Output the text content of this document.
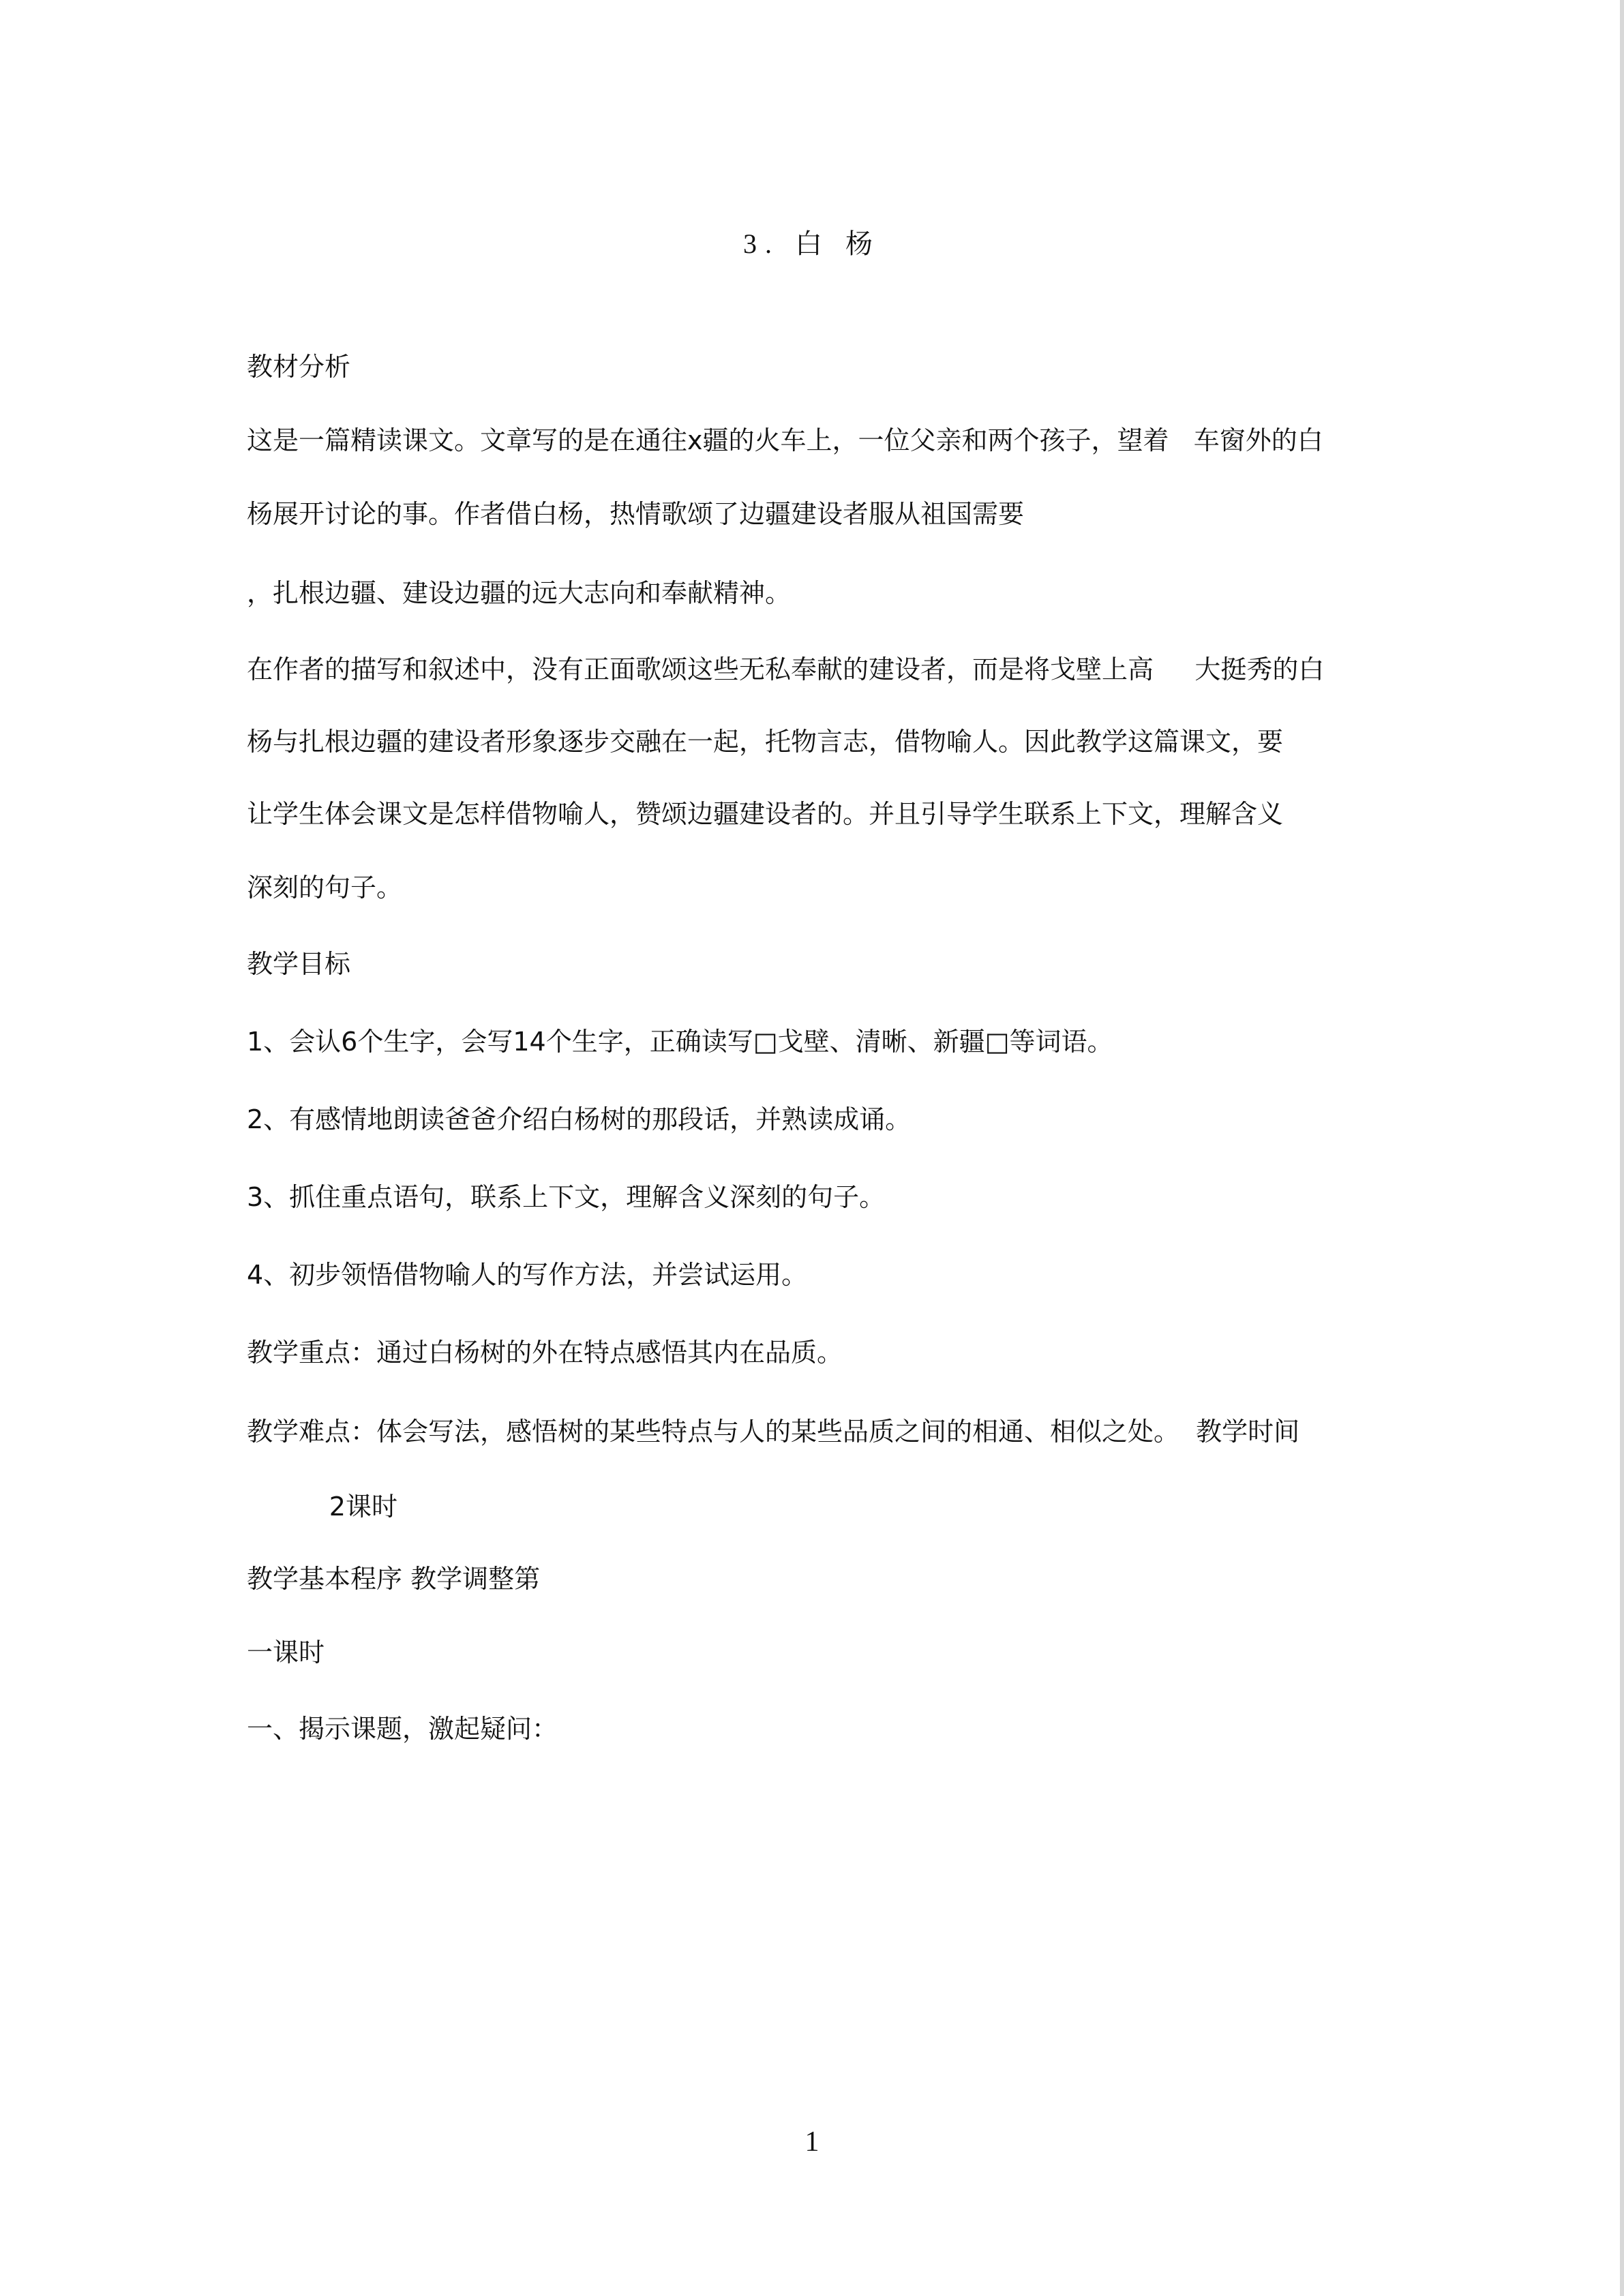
3. 白 杨
教材分析
这是一篇精读课文。文章写的是在通往x疆的火车上，一位父亲和两个孩子，望着   车窗外的白
杨展开讨论的事。作者借白杨，热情歌颂了边疆建设者服从祖国需要
，扎根边疆、建设边疆的远大志向和奉献精神。
在作者的描写和叙述中，没有正面歌颂这些无私奉献的建设者，而是将戈壁上高     大挺秀的白
杨与扎根边疆的建设者形象逐步交融在一起，托物言志，借物喻人。因此教学这篇课文，要
让学生体会课文是怎样借物喻人，赞颂边疆建设者的。并且引导学生联系上下文，理解含义
深刻的句子。
教学目标
1、会认6个生字，会写14个生字，正确读写□戈壁、清晰、新疆□等词语。
2、有感情地朗读爸爸介绍白杨树的那段话，并熟读成诵。
3、抓住重点语句，联系上下文，理解含义深刻的句子。
4、初步领悟借物喻人的写作方法，并尝试运用。
教学重点：通过白杨树的外在特点感悟其内在品质。
教学难点：体会写法，感悟树的某些特点与人的某些品质之间的相通、相似之处。  教学时间
2课时
教学基本程序 教学调整第
一课时
一、揭示课题，激起疑问：
1
